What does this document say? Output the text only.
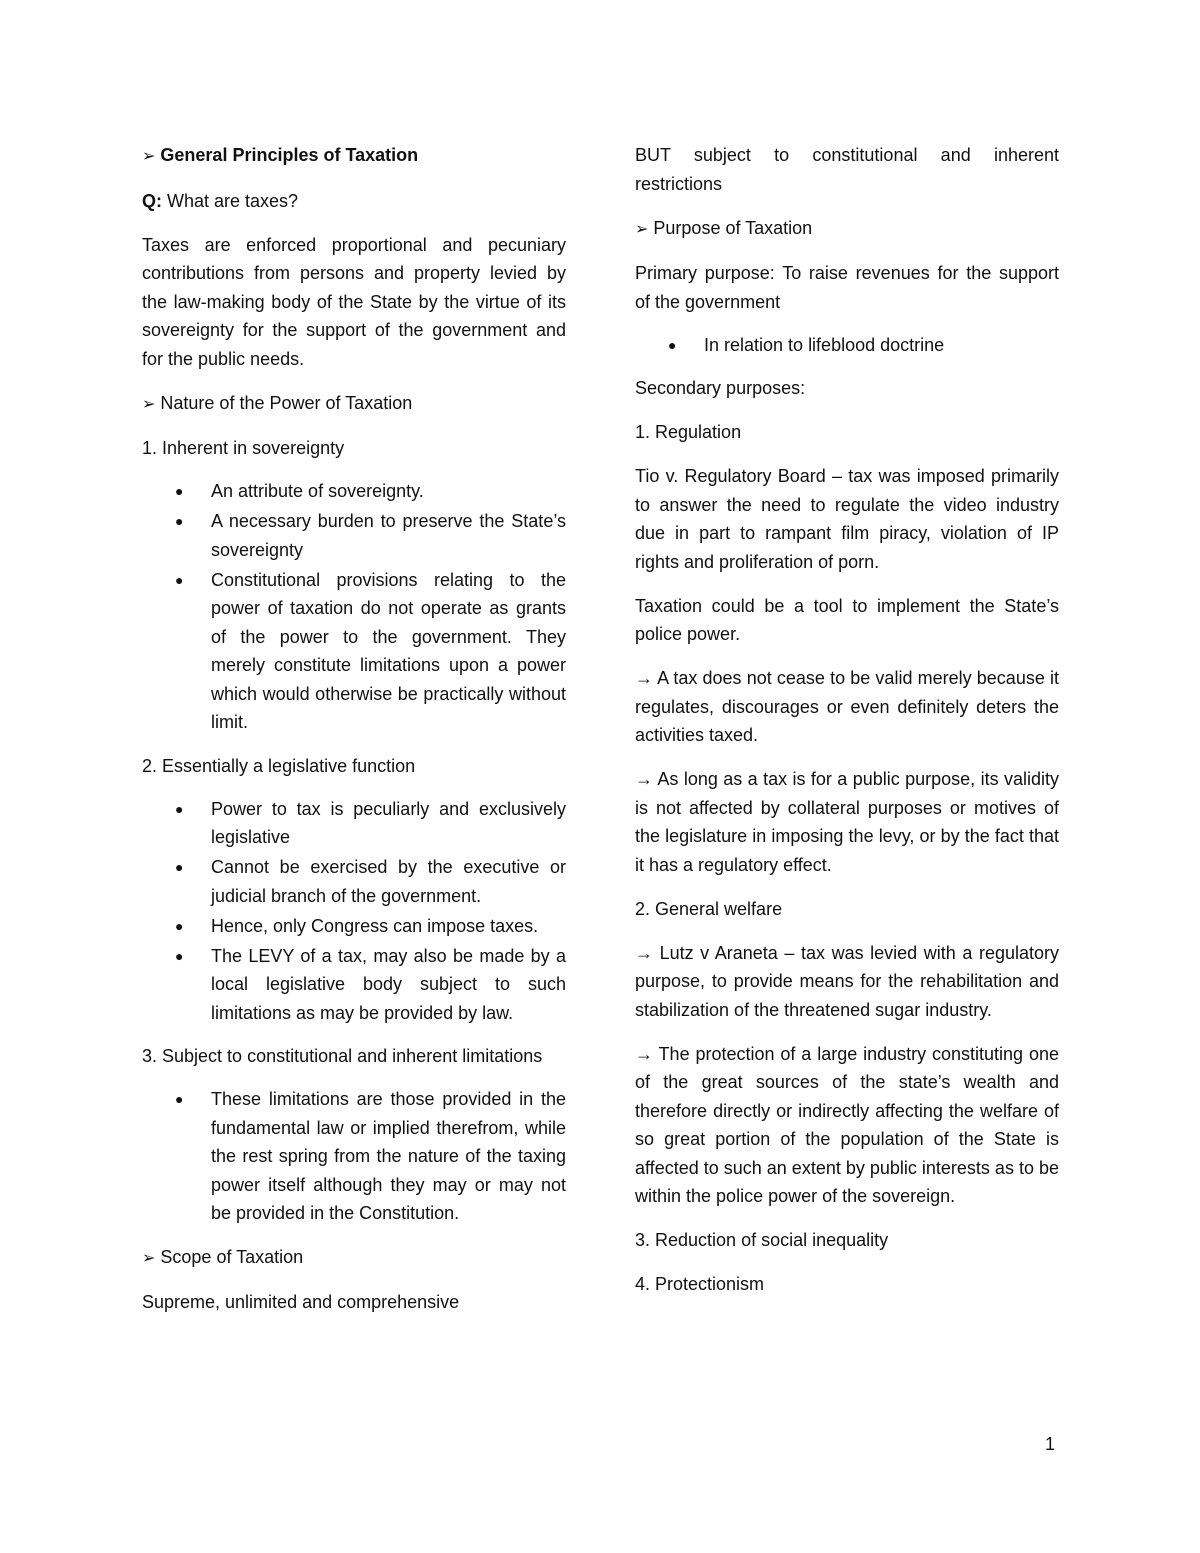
➢ General Principles of Taxation

Q: What are taxes?

Taxes are enforced proportional and pecuniary contributions from persons and property levied by the law-making body of the State by the virtue of its sovereignty for the support of the government and for the public needs.

➢ Nature of the Power of Taxation

1. Inherent in sovereignty

● An attribute of sovereignty.
● A necessary burden to preserve the State’s sovereignty
● Constitutional provisions relating to the power of taxation do not operate as grants of the power to the government. They merely constitute limitations upon a power which would otherwise be practically without limit.

2. Essentially a legislative function

● Power to tax is peculiarly and exclusively legislative
● Cannot be exercised by the executive or judicial branch of the government.
● Hence, only Congress can impose taxes.
● The LEVY of a tax, may also be made by a local legislative body subject to such limitations as may be provided by law.

3. Subject to constitutional and inherent limitations

● These limitations are those provided in the fundamental law or implied therefrom, while the rest spring from the nature of the taxing power itself although they may or may not be provided in the Constitution.

➢ Scope of Taxation

Supreme, unlimited and comprehensive

BUT subject to constitutional and inherent restrictions

➢ Purpose of Taxation

Primary purpose: To raise revenues for the support of the government

● In relation to lifeblood doctrine

Secondary purposes:

1. Regulation

Tio v. Regulatory Board – tax was imposed primarily to answer the need to regulate the video industry due in part to rampant film piracy, violation of IP rights and proliferation of porn.

Taxation could be a tool to implement the State’s police power.

→ A tax does not cease to be valid merely because it regulates, discourages or even definitely deters the activities taxed.

→ As long as a tax is for a public purpose, its validity is not affected by collateral purposes or motives of the legislature in imposing the levy, or by the fact that it has a regulatory effect.

2. General welfare

→ Lutz v Araneta – tax was levied with a regulatory purpose, to provide means for the rehabilitation and stabilization of the threatened sugar industry.

→ The protection of a large industry constituting one of the great sources of the state’s wealth and therefore directly or indirectly affecting the welfare of so great portion of the population of the State is affected to such an extent by public interests as to be within the police power of the sovereign.

3. Reduction of social inequality

4. Protectionism

1
